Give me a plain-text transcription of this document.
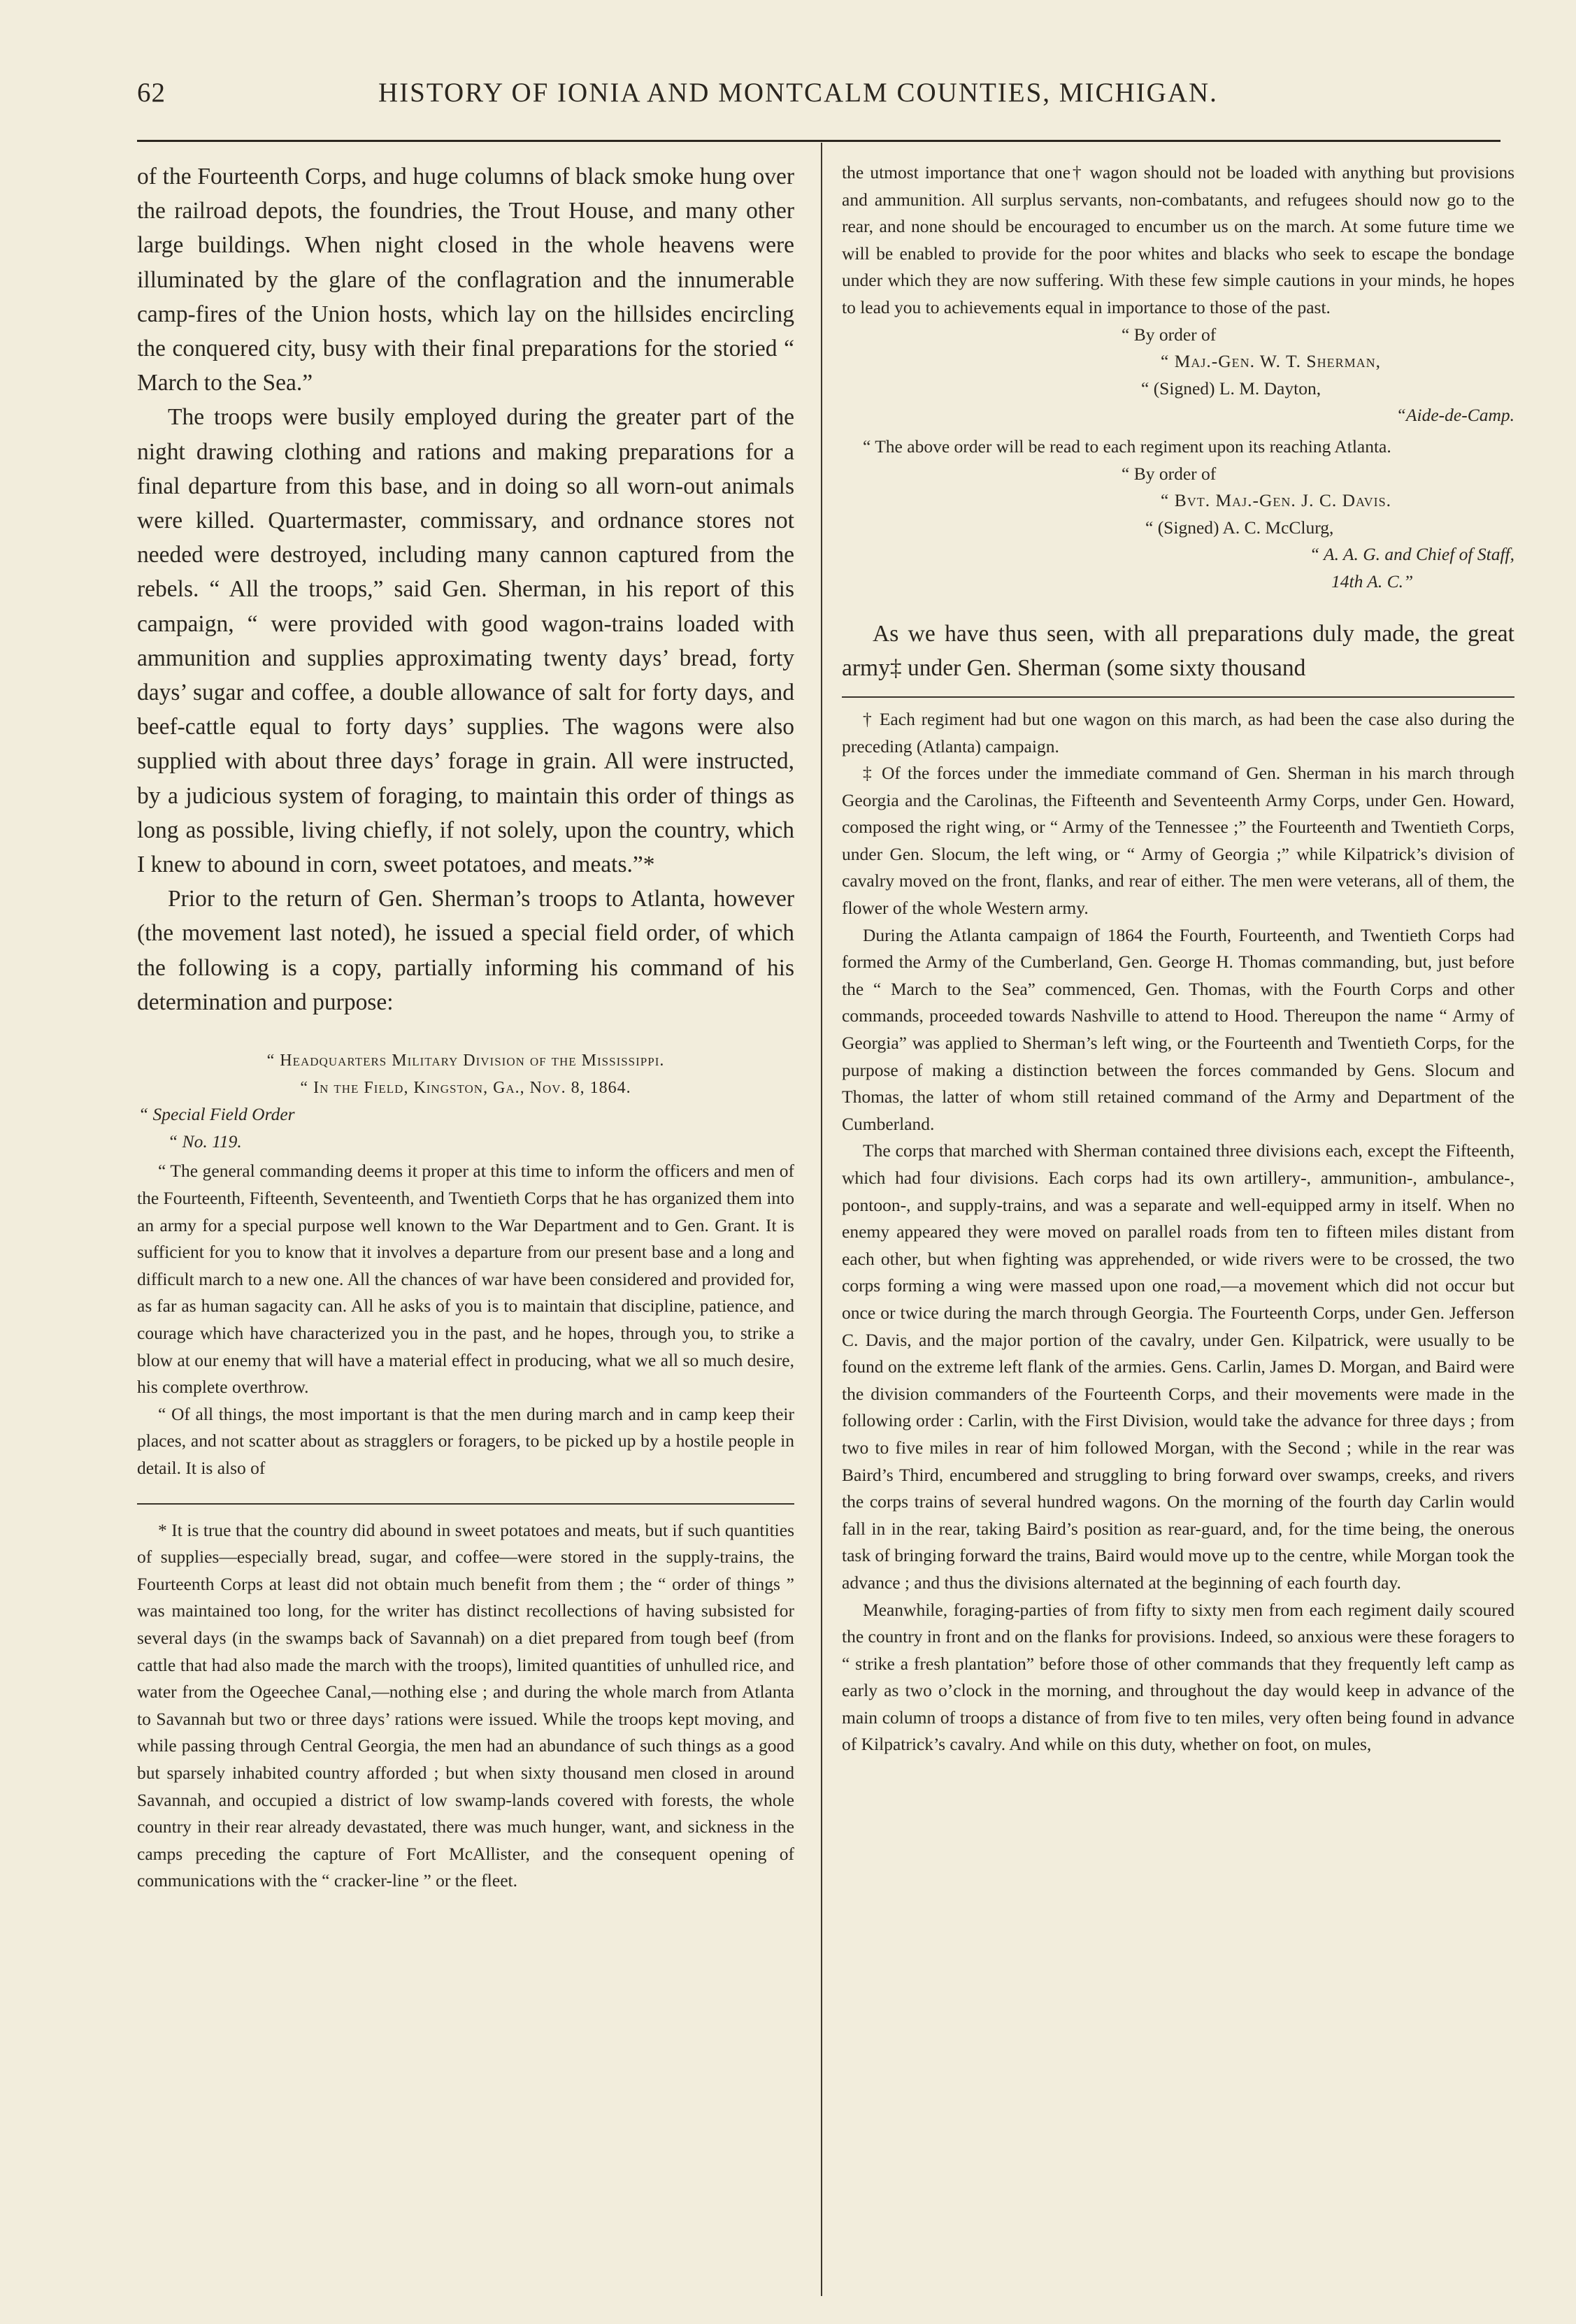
62	HISTORY OF IONIA AND MONTCALM COUNTIES, MICHIGAN.

of the Fourteenth Corps, and huge columns of black smoke hung over the railroad depots, the foundries, the Trout House, and many other large buildings. When night closed in the whole heavens were illuminated by the glare of the conflagration and the innumerable camp-fires of the Union hosts, which lay on the hillsides encircling the conquered city, busy with their final preparations for the storied “ March to the Sea.”

The troops were busily employed during the greater part of the night drawing clothing and rations and making preparations for a final departure from this base, and in doing so all worn-out animals were killed. Quartermaster, commissary, and ordnance stores not needed were destroyed, including many cannon captured from the rebels. “ All the troops,” said Gen. Sherman, in his report of this campaign, “ were provided with good wagon-trains loaded with ammunition and supplies approximating twenty days’ bread, forty days’ sugar and coffee, a double allowance of salt for forty days, and beef-cattle equal to forty days’ supplies. The wagons were also supplied with about three days’ forage in grain. All were instructed, by a judicious system of foraging, to maintain this order of things as long as possible, living chiefly, if not solely, upon the country, which I knew to abound in corn, sweet potatoes, and meats.”*

Prior to the return of Gen. Sherman’s troops to Atlanta, however (the movement last noted), he issued a special field order, of which the following is a copy, partially informing his command of his determination and purpose:

“ Headquarters Military Division of the Mississippi.
“ In the Field, Kingston, Ga., Nov. 8, 1864.
“ Special Field Order
“ No. 119.

“ The general commanding deems it proper at this time to inform the officers and men of the Fourteenth, Fifteenth, Seventeenth, and Twentieth Corps that he has organized them into an army for a special purpose well known to the War Department and to Gen. Grant. It is sufficient for you to know that it involves a departure from our present base and a long and difficult march to a new one. All the chances of war have been considered and provided for, as far as human sagacity can. All he asks of you is to maintain that discipline, patience, and courage which have characterized you in the past, and he hopes, through you, to strike a blow at our enemy that will have a material effect in producing, what we all so much desire, his complete overthrow.

“ Of all things, the most important is that the men during march and in camp keep their places, and not scatter about as stragglers or foragers, to be picked up by a hostile people in detail. It is also of

* It is true that the country did abound in sweet potatoes and meats, but if such quantities of supplies—especially bread, sugar, and coffee—were stored in the supply-trains, the Fourteenth Corps at least did not obtain much benefit from them ; the “ order of things ” was maintained too long, for the writer has distinct recollections of having subsisted for several days (in the swamps back of Savannah) on a diet prepared from tough beef (from cattle that had also made the march with the troops), limited quantities of unhulled rice, and water from the Ogeechee Canal,—nothing else ; and during the whole march from Atlanta to Savannah but two or three days’ rations were issued. While the troops kept moving, and while passing through Central Georgia, the men had an abundance of such things as a good but sparsely inhabited country afforded ; but when sixty thousand men closed in around Savannah, and occupied a district of low swamp-lands covered with forests, the whole country in their rear already devastated, there was much hunger, want, and sickness in the camps preceding the capture of Fort McAllister, and the consequent opening of communications with the “ cracker-line ” or the fleet.

the utmost importance that one† wagon should not be loaded with anything but provisions and ammunition. All surplus servants, non-combatants, and refugees should now go to the rear, and none should be encouraged to encumber us on the march. At some future time we will be enabled to provide for the poor whites and blacks who seek to escape the bondage under which they are now suffering. With these few simple cautions in your minds, he hopes to lead you to achievements equal in importance to those of the past.

“ By order of
“ Maj.-Gen. W. T. Sherman,
“ (Signed) L. M. Dayton,
“Aide-de-Camp.

“ The above order will be read to each regiment upon its reaching Atlanta.

“ By order of
“ Bvt. Maj.-Gen. J. C. Davis.
“ (Signed) A. C. McClurg,
“ A. A. G. and Chief of Staff,
14th A. C.”

As we have thus seen, with all preparations duly made, the great army‡ under Gen. Sherman (some sixty thousand

† Each regiment had but one wagon on this march, as had been the case also during the preceding (Atlanta) campaign.

‡ Of the forces under the immediate command of Gen. Sherman in his march through Georgia and the Carolinas, the Fifteenth and Seventeenth Army Corps, under Gen. Howard, composed the right wing, or “ Army of the Tennessee ;” the Fourteenth and Twentieth Corps, under Gen. Slocum, the left wing, or “ Army of Georgia ;” while Kilpatrick’s division of cavalry moved on the front, flanks, and rear of either. The men were veterans, all of them, the flower of the whole Western army.

During the Atlanta campaign of 1864 the Fourth, Fourteenth, and Twentieth Corps had formed the Army of the Cumberland, Gen. George H. Thomas commanding, but, just before the “ March to the Sea” commenced, Gen. Thomas, with the Fourth Corps and other commands, proceeded towards Nashville to attend to Hood. Thereupon the name “ Army of Georgia” was applied to Sherman’s left wing, or the Fourteenth and Twentieth Corps, for the purpose of making a distinction between the forces commanded by Gens. Slocum and Thomas, the latter of whom still retained command of the Army and Department of the Cumberland.

The corps that marched with Sherman contained three divisions each, except the Fifteenth, which had four divisions. Each corps had its own artillery-, ammunition-, ambulance-, pontoon-, and supply-trains, and was a separate and well-equipped army in itself. When no enemy appeared they were moved on parallel roads from ten to fifteen miles distant from each other, but when fighting was apprehended, or wide rivers were to be crossed, the two corps forming a wing were massed upon one road,—a movement which did not occur but once or twice during the march through Georgia. The Fourteenth Corps, under Gen. Jefferson C. Davis, and the major portion of the cavalry, under Gen. Kilpatrick, were usually to be found on the extreme left flank of the armies. Gens. Carlin, James D. Morgan, and Baird were the division commanders of the Fourteenth Corps, and their movements were made in the following order : Carlin, with the First Division, would take the advance for three days ; from two to five miles in rear of him followed Morgan, with the Second ; while in the rear was Baird’s Third, encumbered and struggling to bring forward over swamps, creeks, and rivers the corps trains of several hundred wagons. On the morning of the fourth day Carlin would fall in in the rear, taking Baird’s position as rear-guard, and, for the time being, the onerous task of bringing forward the trains, Baird would move up to the centre, while Morgan took the advance ; and thus the divisions alternated at the beginning of each fourth day.

Meanwhile, foraging-parties of from fifty to sixty men from each regiment daily scoured the country in front and on the flanks for provisions. Indeed, so anxious were these foragers to “ strike a fresh plantation” before those of other commands that they frequently left camp as early as two o’clock in the morning, and throughout the day would keep in advance of the main column of troops a distance of from five to ten miles, very often being found in advance of Kilpatrick’s cavalry. And while on this duty, whether on foot, on mules,
